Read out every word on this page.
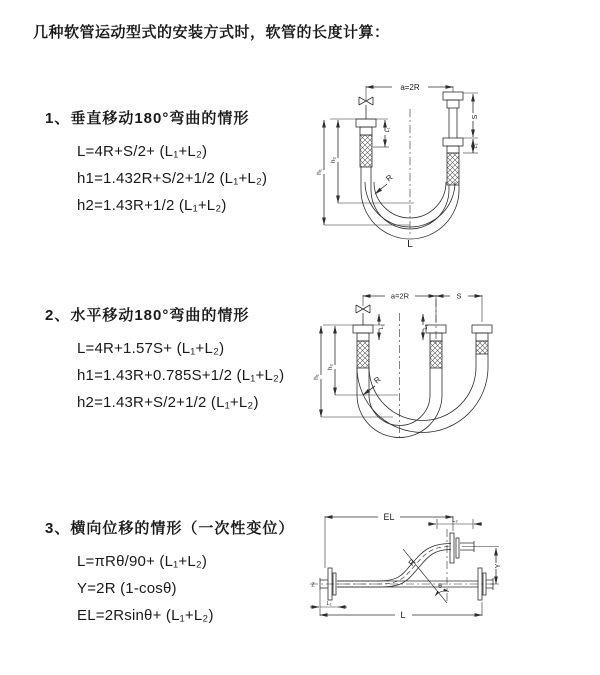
几种软管运动型式的安装方式时，软管的长度计算：
1、垂直移动180°弯曲的情形
L=4R+S/2+ (L₁+L₂)
h1=1.432R+S/2+1/2 (L₁+L₂)
h2=1.43R+1/2 (L₁+L₂)
2、水平移动180°弯曲的情形
L=4R+1.57S+ (L₁+L₂)
h1=1.43R+0.785S+1/2 (L₁+L₂)
h2=1.43R+S/2+1/2 (L₁+L₂)
3、横向位移的情形（一次性变位）
L=πRθ/90+ (L₁+L₂)
Y=2R (1-cosθ)
EL=2Rsinθ+ (L₁+L₂)
a=2R
L₁
S
L₂
h₁
h₂
R
L
a=2R	S
h₁
h₂
L₁	L₂
R
EL	L₂
Y
Z
R
θ
L
L₁
